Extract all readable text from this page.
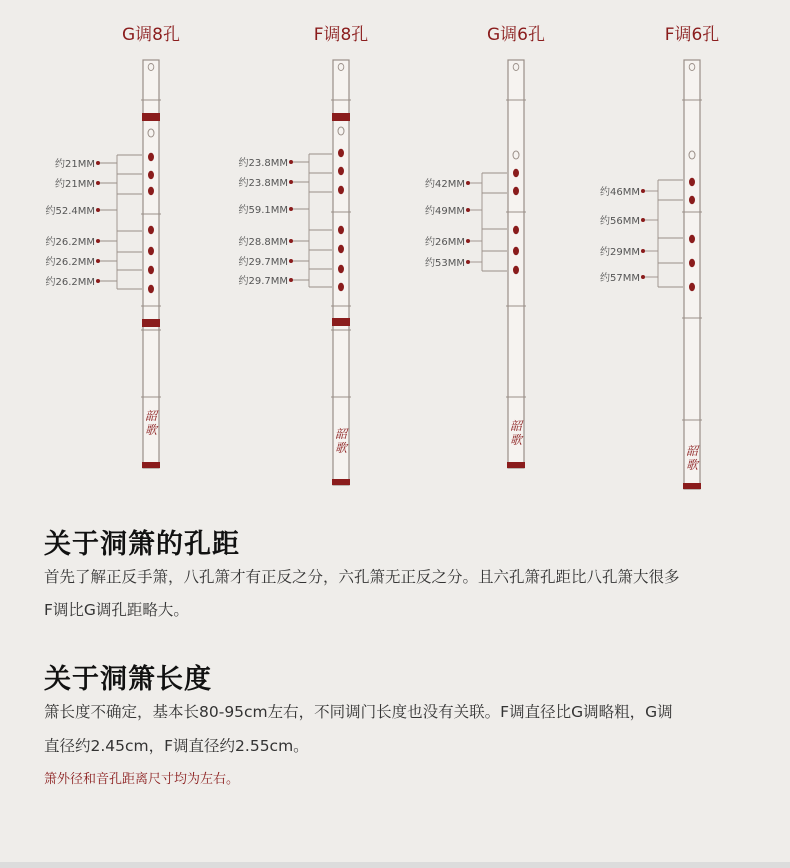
G调8孔
约21MM
约21MM
约52.4MM
约26.2MM
约26.2MM
约26.2MM
韶
歌
F调8孔
约23.8MM
约23.8MM
约59.1MM
约28.8MM
约29.7MM
约29.7MM
韶
歌
G调6孔
约42MM
约49MM
约26MM
约53MM
韶
歌
F调6孔
约46MM
约56MM
约29MM
约57MM
韶
歌
关于洞箫的孔距

首先了解正反手箫，八孔箫才有正反之分，六孔箫无正反之分。且六孔箫孔距比八孔箫大很多

F调比G调孔距略大。

关于洞箫长度

箫长度不确定，基本长80-95cm左右，不同调门长度也没有关联。F调直径比G调略粗，G调

直径约2.45cm，F调直径约2.55cm。

箫外径和音孔距离尺寸均为左右。
